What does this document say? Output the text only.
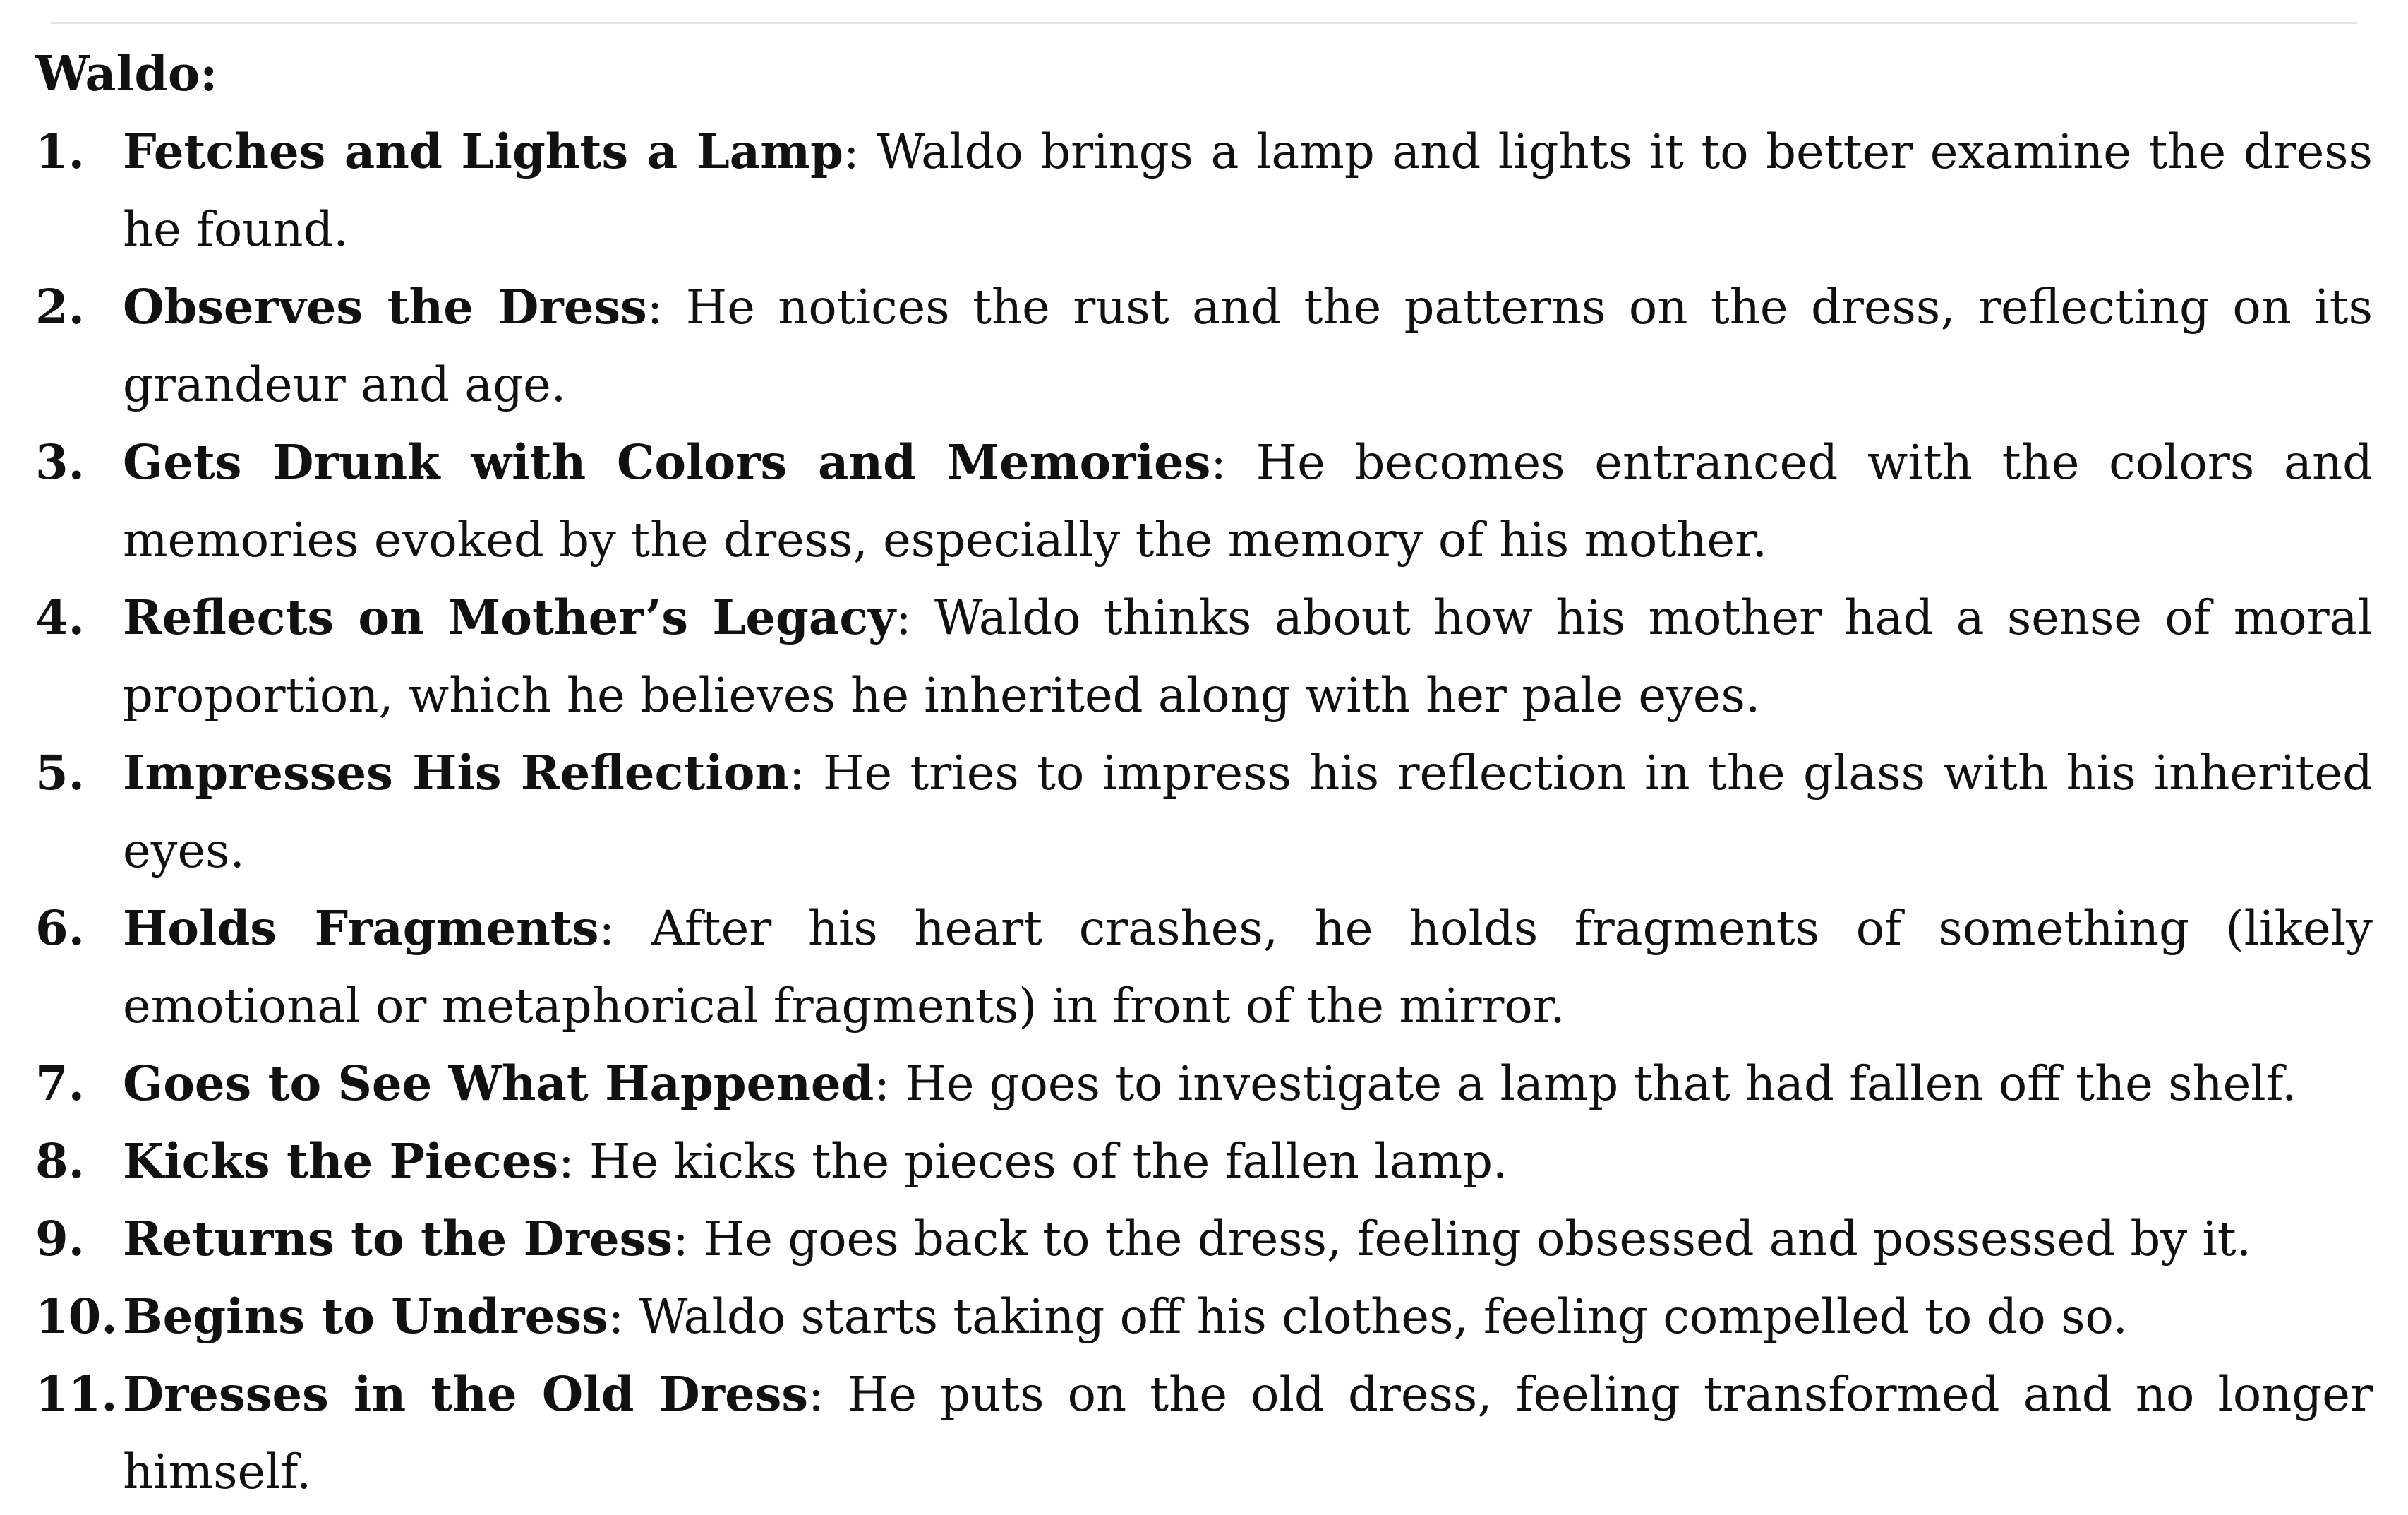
Waldo:
1. Fetches and Lights a Lamp: Waldo brings a lamp and lights it to better examine the dress he found.
2. Observes the Dress: He notices the rust and the patterns on the dress, reflecting on its grandeur and age.
3. Gets Drunk with Colors and Memories: He becomes entranced with the colors and memories evoked by the dress, especially the memory of his mother.
4. Reflects on Mother’s Legacy: Waldo thinks about how his mother had a sense of moral proportion, which he believes he inherited along with her pale eyes.
5. Impresses His Reflection: He tries to impress his reflection in the glass with his inherited eyes.
6. Holds Fragments: After his heart crashes, he holds fragments of something (likely emotional or metaphorical fragments) in front of the mirror.
7. Goes to See What Happened: He goes to investigate a lamp that had fallen off the shelf.
8. Kicks the Pieces: He kicks the pieces of the fallen lamp.
9. Returns to the Dress: He goes back to the dress, feeling obsessed and possessed by it.
10. Begins to Undress: Waldo starts taking off his clothes, feeling compelled to do so.
11. Dresses in the Old Dress: He puts on the old dress, feeling transformed and no longer himself.
